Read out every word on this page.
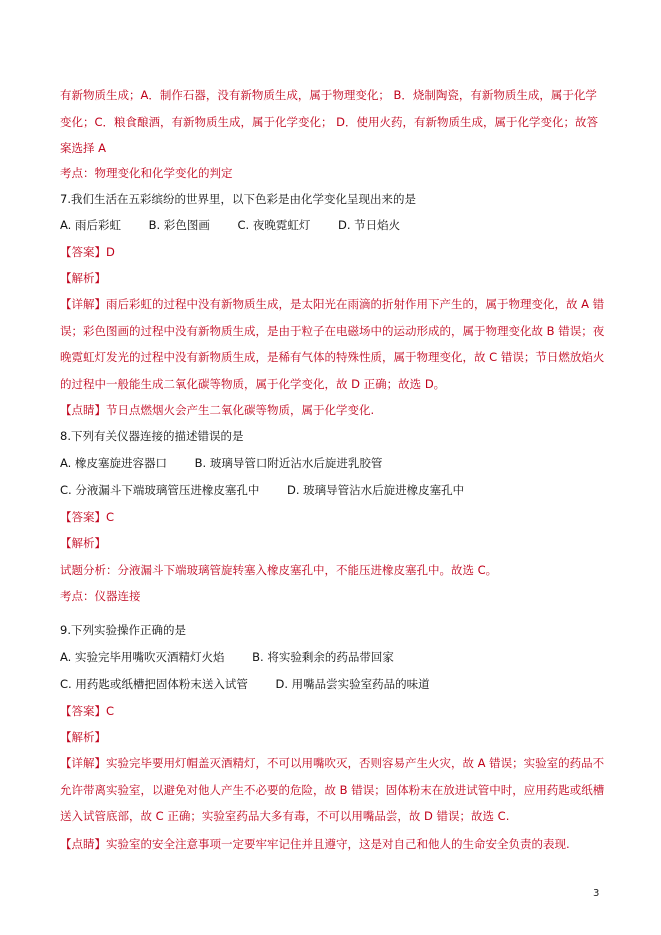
有新物质生成；A．制作石器，没有新物质生成，属于物理变化； B．烧制陶瓷，有新物质生成，属于化学变化；C．粮食酿酒，有新物质生成，属于化学变化； D．使用火药，有新物质生成，属于化学变化；故答案选择 A
考点：物理变化和化学变化的判定
7.我们生活在五彩缤纷的世界里，以下色彩是由化学变化呈现出来的是
A. 雨后彩虹 B. 彩色图画 C. 夜晚霓虹灯 D. 节日焰火
【答案】D
【解析】
【详解】雨后彩虹的过程中没有新物质生成，是太阳光在雨滴的折射作用下产生的，属于物理变化，故 A 错误；彩色图画的过程中没有新物质生成，是由于粒子在电磁场中的运动形成的，属于物理变化故 B 错误；夜晚霓虹灯发光的过程中没有新物质生成，是稀有气体的特殊性质，属于物理变化，故 C 错误；节日燃放焰火的过程中一般能生成二氧化碳等物质，属于化学变化，故 D 正确；故选 D。
【点睛】节日点燃烟火会产生二氧化碳等物质，属于化学变化.
8.下列有关仪器连接的描述错误的是
A. 橡皮塞旋进容器口 B. 玻璃导管口附近沾水后旋进乳胶管
C. 分液漏斗下端玻璃管压进橡皮塞孔中 D. 玻璃导管沾水后旋进橡皮塞孔中
【答案】C
【解析】
试题分析：分液漏斗下端玻璃管旋转塞入橡皮塞孔中，不能压进橡皮塞孔中。故选 C。
考点：仪器连接
9.下列实验操作正确的是
A. 实验完毕用嘴吹灭酒精灯火焰 B. 将实验剩余的药品带回家
C. 用药匙或纸槽把固体粉末送入试管 D. 用嘴品尝实验室药品的味道
【答案】C
【解析】
【详解】实验完毕要用灯帽盖灭酒精灯，不可以用嘴吹灭，否则容易产生火灾，故 A 错误；实验室的药品不允许带离实验室，以避免对他人产生不必要的危险，故 B 错误；固体粉末在放进试管中时，应用药匙或纸槽送入试管底部，故 C 正确；实验室药品大多有毒，不可以用嘴品尝，故 D 错误；故选 C.
【点睛】实验室的安全注意事项一定要牢牢记住并且遵守，这是对自己和他人的生命安全负责的表现.
3
